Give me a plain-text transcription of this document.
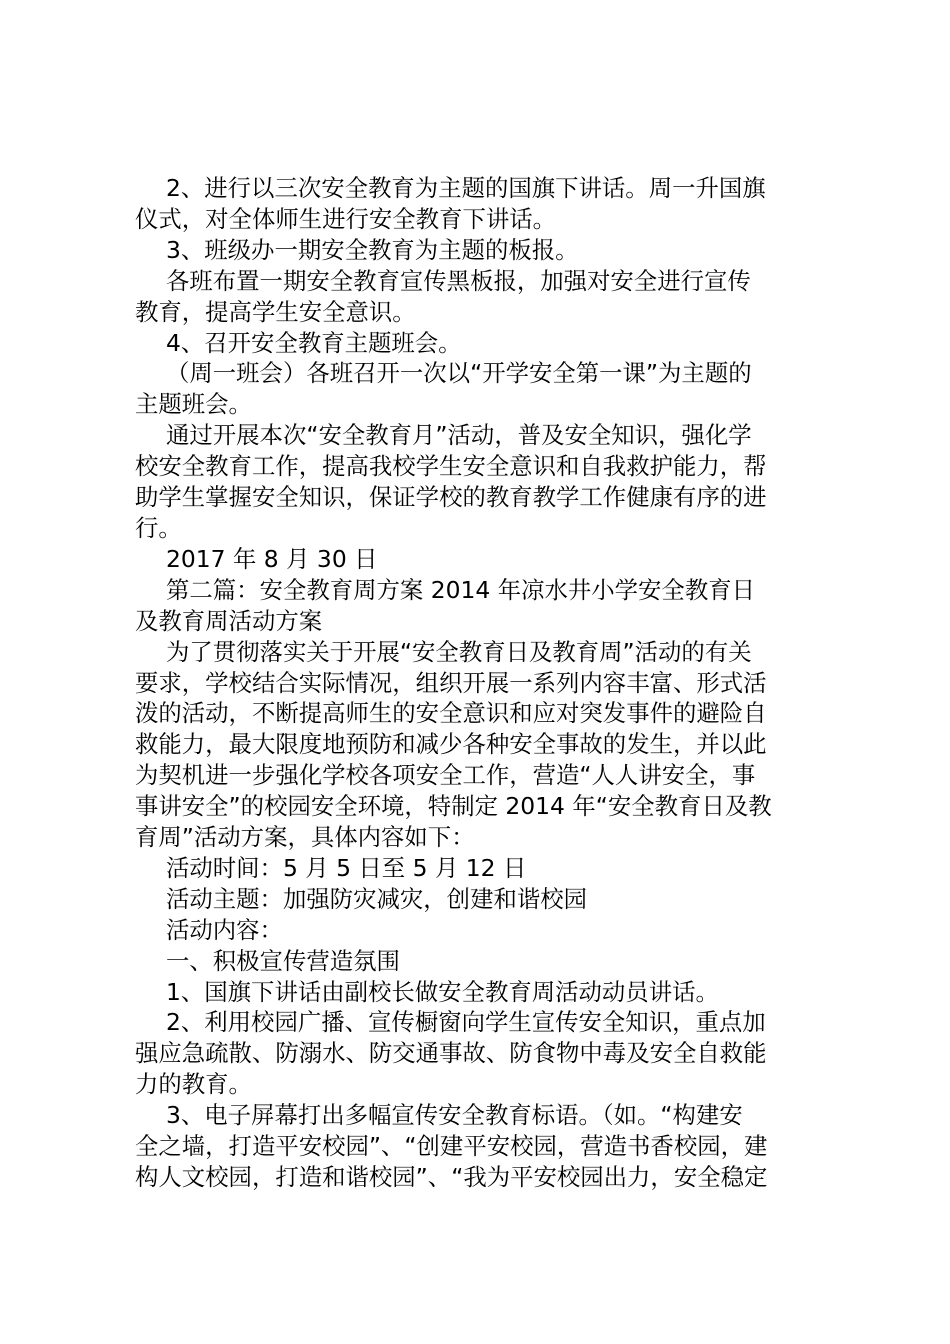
2、进行以三次安全教育为主题的国旗下讲话。周一升国旗
仪式，对全体师生进行安全教育下讲话。
3、班级办一期安全教育为主题的板报。
各班布置一期安全教育宣传黑板报，加强对安全进行宣传
教育，提高学生安全意识。
4、召开安全教育主题班会。
（周一班会）各班召开一次以“开学安全第一课”为主题的
主题班会。
通过开展本次“安全教育月”活动，普及安全知识，强化学
校安全教育工作，提高我校学生安全意识和自我救护能力，帮
助学生掌握安全知识，保证学校的教育教学工作健康有序的进
行。
2017 年 8 月 30 日
第二篇：安全教育周方案 2014 年凉水井小学安全教育日
及教育周活动方案
为了贯彻落实关于开展“安全教育日及教育周”活动的有关
要求，学校结合实际情况，组织开展一系列内容丰富、形式活
泼的活动，不断提高师生的安全意识和应对突发事件的避险自
救能力，最大限度地预防和减少各种安全事故的发生，并以此
为契机进一步强化学校各项安全工作，营造“人人讲安全，事
事讲安全”的校园安全环境，特制定 2014 年“安全教育日及教
育周”活动方案，具体内容如下：
活动时间：5 月 5 日至 5 月 12 日
活动主题：加强防灾减灾，创建和谐校园
活动内容：
一、积极宣传营造氛围
1、国旗下讲话由副校长做安全教育周活动动员讲话。
2、利用校园广播、宣传橱窗向学生宣传安全知识，重点加
强应急疏散、防溺水、防交通事故、防食物中毒及安全自救能
力的教育。
3、电子屏幕打出多幅宣传安全教育标语。（如。“构建安
全之墙，打造平安校园”、“创建平安校园，营造书香校园，建
构人文校园，打造和谐校园”、“我为平安校园出力，安全稳定
